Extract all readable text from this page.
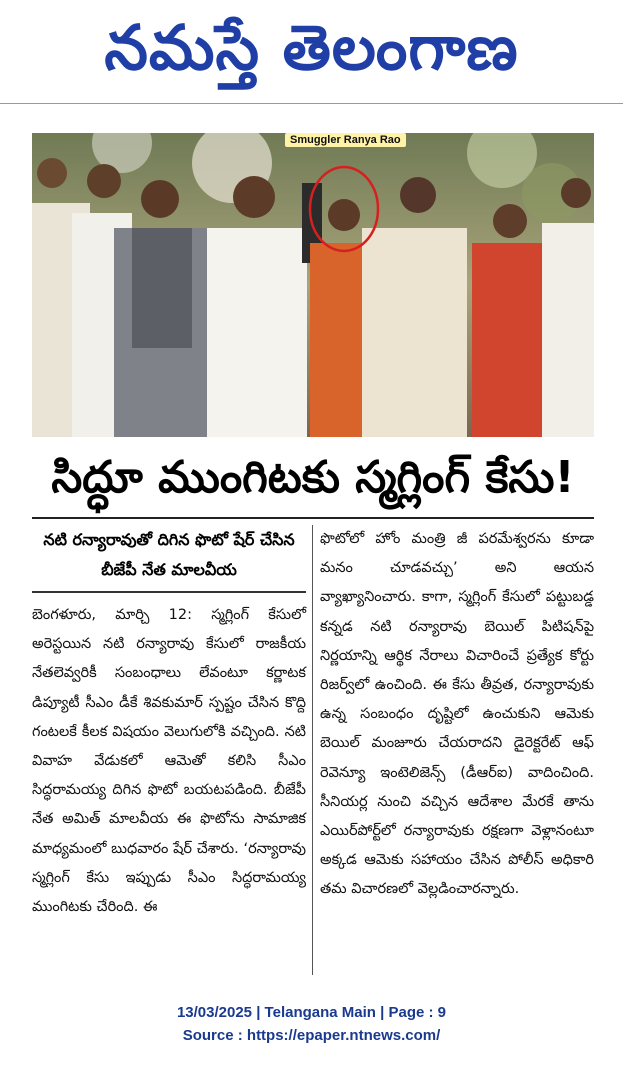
నమస్తే తెలంగాణ
Smuggler Ranya Rao
సిద్ధూ ముంగిటకు స్మగ్లింగ్ కేసు!
నటి రన్యారావుతో దిగిన ఫొటో షేర్ చేసిన బీజేపీ నేత మాలవీయ
బెంగళూరు, మార్చి 12: స్మగ్లింగ్ కేసులో అరెస్టయిన నటి రన్యారావు కేసులో రాజకీయ నేతలెవ్వరికీ సంబంధాలు లేవంటూ కర్ణాటక డిప్యూటీ సీఎం డీకే శివకుమార్ స్పష్టం చేసిన కొద్ది గంటలకే కీలక విషయం వెలుగులోకి వచ్చింది. నటి వివాహ వేడుకలో ఆమెతో కలిసి సీఎం సిద్ధరామయ్య దిగిన ఫొటో బయటపడింది. బీజేపీ నేత అమిత్ మాలవీయ ఈ ఫొటోను సామాజిక మాధ్యమంలో బుధవారం షేర్ చేశారు. ‘రన్యారావు స్మగ్లింగ్ కేసు ఇప్పుడు సీఎం సిద్ధరామయ్య ముంగిటకు చేరింది. ఈ
ఫొటోలో హోం మంత్రి జీ పరమేశ్వరను కూడా మనం చూడవచ్చు’ అని ఆయన వ్యాఖ్యానించారు. కాగా, స్మగ్లింగ్ కేసులో పట్టుబడ్డ కన్నడ నటి రన్యారావు బెయిల్ పిటిషన్‌పై నిర్ణయాన్ని ఆర్థిక నేరాలు విచారించే ప్రత్యేక కోర్టు రిజర్వ్‌లో ఉంచింది. ఈ కేసు తీవ్రత, రన్యారావుకు ఉన్న సంబంధం దృష్టిలో ఉంచుకుని ఆమెకు బెయిల్ మంజూరు చేయరాదని డైరెక్టరేట్ ఆఫ్ రెవెన్యూ ఇంటెలిజెన్స్ (డీఆర్ఐ) వాదించింది. సీనియర్ల నుంచి వచ్చిన ఆదేశాల మేరకే తాను ఎయిర్‌పోర్ట్‌లో రన్యారావుకు రక్షణగా వెళ్లానంటూ అక్కడ ఆమెకు సహాయం చేసిన పోలీస్ అధికారి తమ విచారణలో వెల్లడించారన్నారు.
13/03/2025 | Telangana Main | Page : 9
Source : https://epaper.ntnews.com/
